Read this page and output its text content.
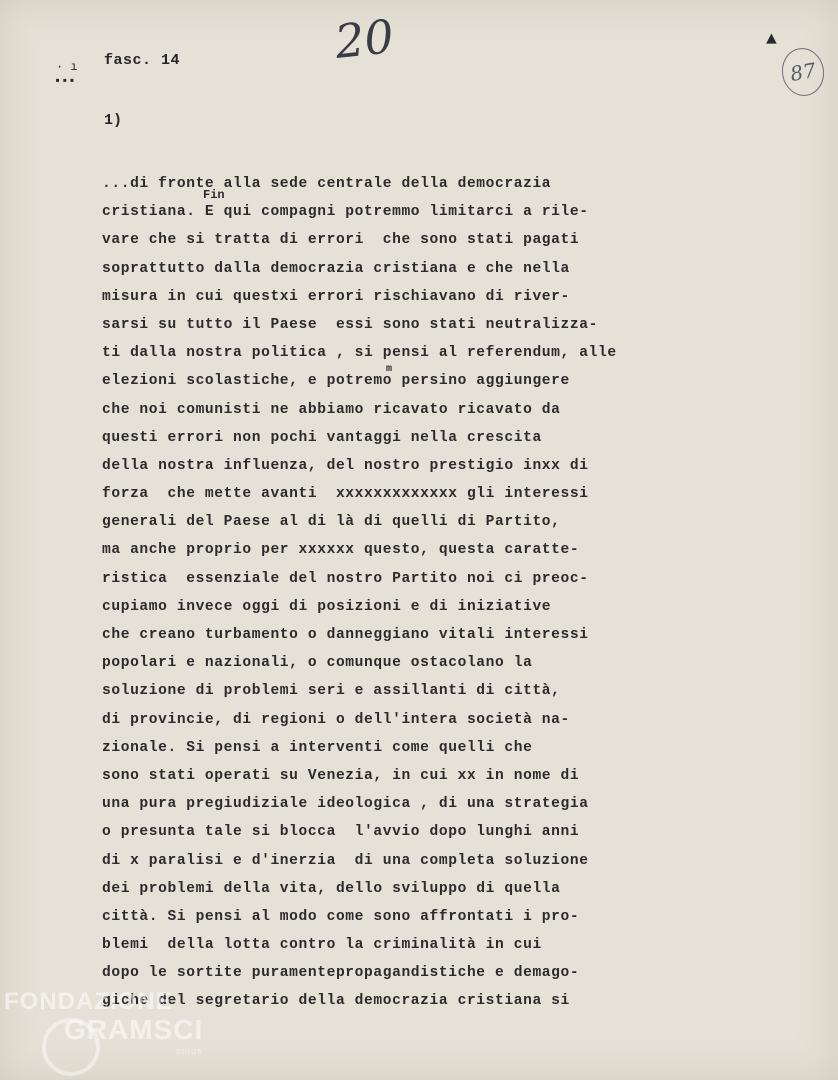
· ı
▪▪▪
▲
20
87
fasc. 14
1)
Fin
m
...di fronte alla sede centrale della democrazia
cristiana. E qui compagni potremmo limitarci a rile-
vare che si tratta di errori  che sono stati pagati
soprattutto dalla democrazia cristiana e che nella
misura in cui questxi errori rischiavano di river-
sarsi su tutto il Paese  essi sono stati neutralizza-
ti dalla nostra politica , si pensi al referendum, alle
elezioni scolastiche, e potremo persino aggiungere
che noi comunisti ne abbiamo ricavato ricavato da
questi errori non pochi vantaggi nella crescita
della nostra influenza, del nostro prestigio inxx di
forza  che mette avanti  xxxxxxxxxxxxx gli interessi
generali del Paese al di là di quelli di Partito,
ma anche proprio per xxxxxx questo, questa caratte-
ristica  essenziale del nostro Partito noi ci preoc-
cupiamo invece oggi di posizioni e di iniziative
che creano turbamento o danneggiano vitali interessi
popolari e nazionali, o comunque ostacolano la
soluzione di problemi seri e assillanti di città,
di provincie, di regioni o dell'intera società na-
zionale. Si pensi a interventi come quelli che
sono stati operati su Venezia, in cui xx in nome di
una pura pregiudiziale ideologica , di una strategia
o presunta tale si blocca  l'avvio dopo lunghi anni
di x paralisi e d'inerzia  di una completa soluzione
dei problemi della vita, dello sviluppo di quella
città. Si pensi al modo come sono affrontati i pro-
blemi  della lotta contro la criminalità in cui
dopo le sortite puramentepropagandistiche e demago-
giche del segretario della democrazia cristiana si
FONDAZIONE
GRAMSCI
onlus
